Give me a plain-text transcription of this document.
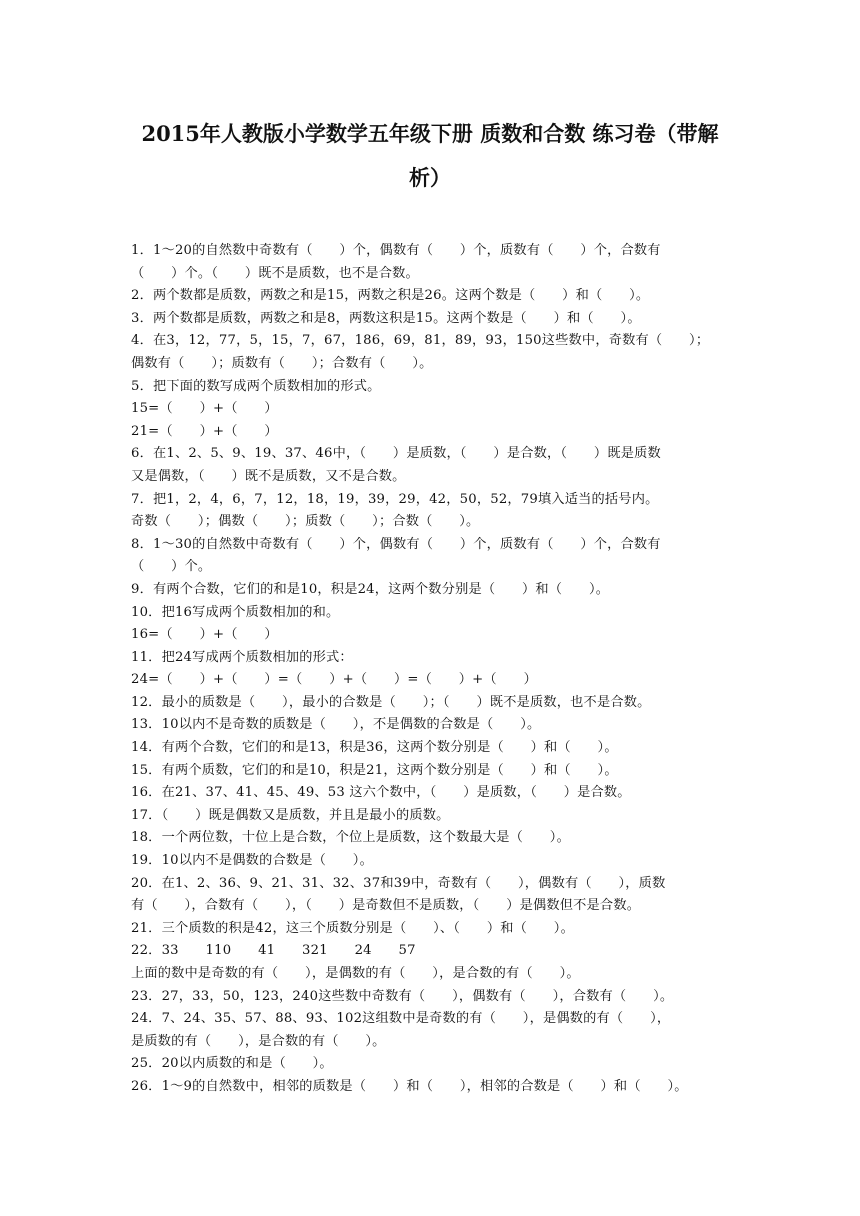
2015年人教版小学数学五年级下册 质数和合数 练习卷（带解
析）
1．1～20的自然数中奇数有（　　）个，偶数有（　　）个，质数有（　　）个，合数有
（　　）个。（　　）既不是质数，也不是合数。
2．两个数都是质数，两数之和是15，两数之积是26。这两个数是（　　）和（　　）。
3．两个数都是质数，两数之和是8，两数这积是15。这两个数是（　　）和（　　）。
4．在3，12，77，5，15，7，67，186，69，81，89，93，150这些数中，奇数有（　　）；
偶数有（　　）；质数有（　　）；合数有（　　）。
5．把下面的数写成两个质数相加的形式。
15=（　　）+（　　）
21=（　　）+（　　）
6．在1、2、5、9、19、37、46中，（　　）是质数，（　　）是合数，（　　）既是质数
又是偶数，（　　）既不是质数，又不是合数。
7．把1，2，4，6，7，12，18，19，39，29，42，50，52，79填入适当的括号内。
奇数（　　）；偶数（　　）；质数（　　）；合数（　　）。
8．1～30的自然数中奇数有（　　）个，偶数有（　　）个，质数有（　　）个，合数有
（　　）个。
9．有两个合数，它们的和是10，积是24，这两个数分别是（　　）和（　　）。
10．把16写成两个质数相加的和。
16=（　　）+（　　）
11．把24写成两个质数相加的形式：
24=（　　）+（　　）=（　　）+（　　）=（　　）+（　　）
12．最小的质数是（　　），最小的合数是（　　）；（　　）既不是质数，也不是合数。
13．10以内不是奇数的质数是（　　），不是偶数的合数是（　　）。
14．有两个合数，它们的和是13，积是36，这两个数分别是（　　）和（　　）。
15．有两个质数，它们的和是10，积是21，这两个数分别是（　　）和（　　）。
16．在21、37、41、45、49、53 这六个数中，（　　）是质数，（　　）是合数。
17．（　　）既是偶数又是质数，并且是最小的质数。
18．一个两位数，十位上是合数，个位上是质数，这个数最大是（　　）。
19．10以内不是偶数的合数是（　　）。
20．在1、2、36、9、21、31、32、37和39中，奇数有（　　），偶数有（　　），质数
有（　　），合数有（　　），（　　）是奇数但不是质数，（　　）是偶数但不是合数。
21．三个质数的积是42，这三个质数分别是（　　）、（　　）和（　　）。
22．33　　110　　41　　321　　24　　57
上面的数中是奇数的有（　　），是偶数的有（　　），是合数的有（　　）。
23．27，33，50，123，240这些数中奇数有（　　），偶数有（　　），合数有（　　）。
24．7、24、35、57、88、93、102这组数中是奇数的有（　　），是偶数的有（　　），
是质数的有（　　），是合数的有（　　）。
25．20以内质数的和是（　　）。
26．1～9的自然数中，相邻的质数是（　　）和（　　），相邻的合数是（　　）和（　　）。
